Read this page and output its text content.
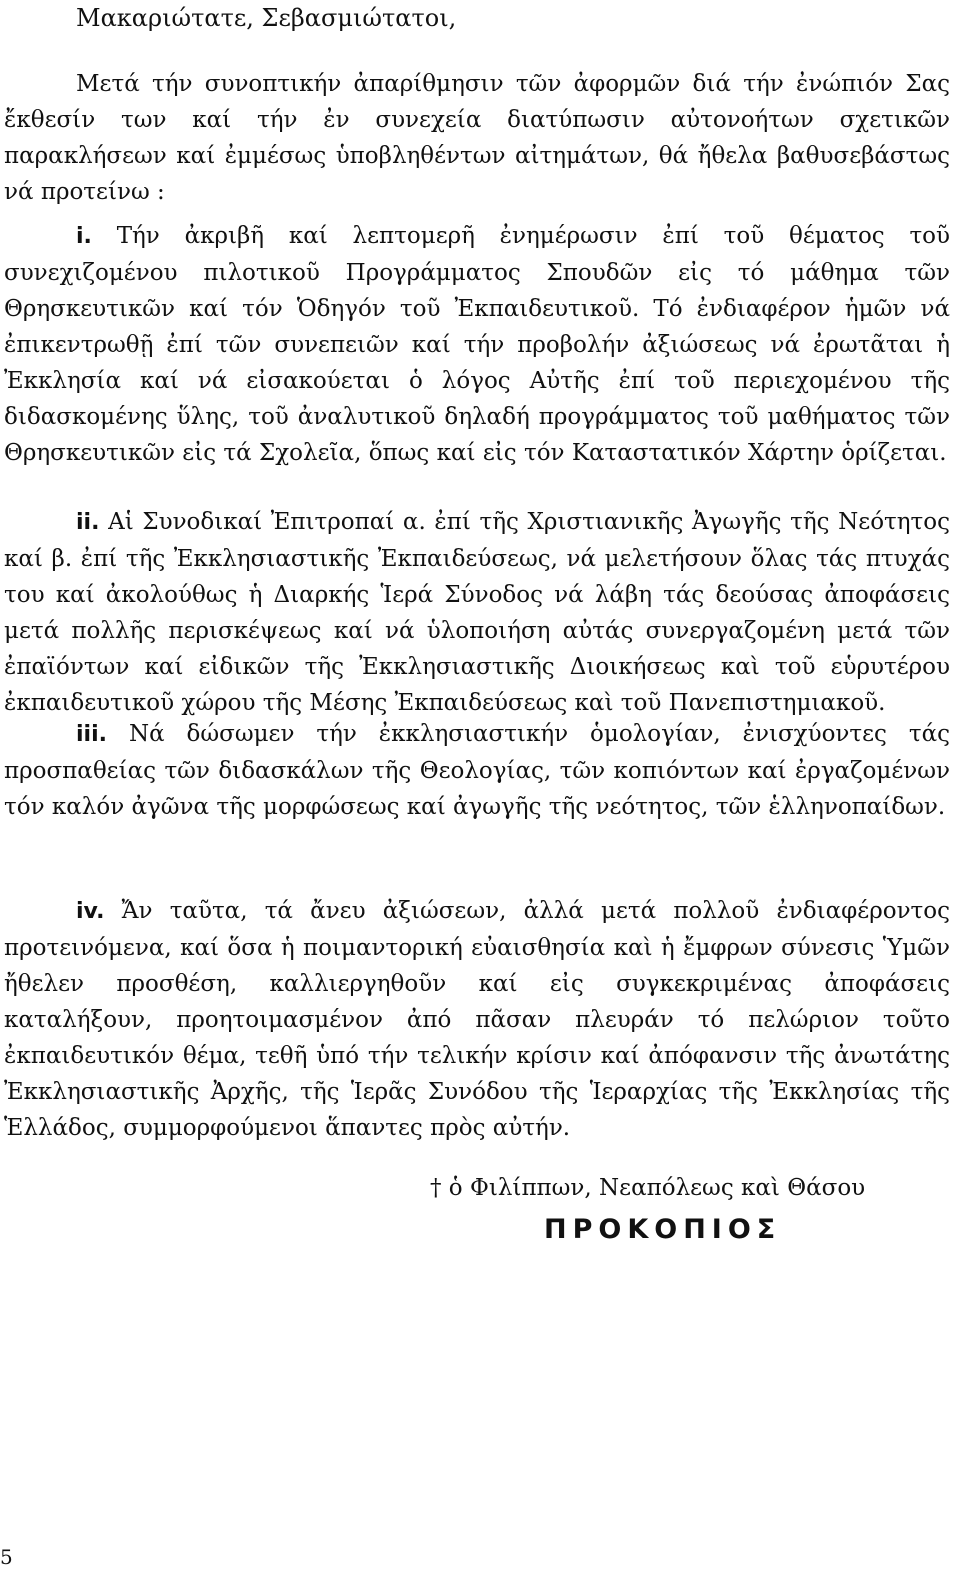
Μακαριώτατε, Σεβασμιώτατοι,

Μετά τήν συνοπτικήν ἀπαρίθμησιν τῶν ἀφορμῶν διά τήν ἐνώπιόν Σας ἔκθεσίν των καί τήν ἐν συνεχεία διατύπωσιν αὐτονοήτων σχετικῶν παρακλήσεων καί ἐμμέσως ὑποβληθέντων αἰτημάτων, θά ἤθελα βαθυσεβάστως νά προτείνω :

i. Τήν ἀκριβῆ καί λεπτομερῆ ἐνημέρωσιν ἐπί τοῦ θέματος τοῦ συνεχιζομένου πιλοτικοῦ Προγράμματος Σπουδῶν εἰς τό μάθημα τῶν Θρησκευτικῶν καί τόν Ὁδηγόν τοῦ Ἐκπαιδευτικοῦ. Τό ἐνδιαφέρον ἡμῶν νά ἐπικεντρωθῇ ἐπί τῶν συνεπειῶν καί τήν προβολήν ἀξιώσεως νά ἐρωτᾶται ἡ Ἐκκλησία καί νά εἰσακούεται ὁ λόγος Αὐτῆς ἐπί τοῦ περιεχομένου τῆς διδασκομένης ὕλης, τοῦ ἀναλυτικοῦ δηλαδή προγράμματος τοῦ μαθήματος τῶν Θρησκευτικῶν εἰς τά Σχολεῖα, ὅπως καί εἰς τόν Καταστατικόν Χάρτην ὁρίζεται.

ii. Αἱ Συνοδικαί Ἐπιτροπαί α. ἐπί τῆς Χριστιανικῆς Ἀγωγῆς τῆς Νεότητος καί β. ἐπί τῆς Ἐκκλησιαστικῆς Ἐκπαιδεύσεως, νά μελετήσουν ὅλας τάς πτυχάς του καί ἀκολούθως ἡ Διαρκής Ἱερά Σύνοδος νά λάβη τάς δεούσας ἀποφάσεις μετά πολλῆς περισκέψεως καί νά ὑλοποιήση αὐτάς συνεργαζομένη μετά τῶν ἐπαϊόντων καί εἰδικῶν τῆς Ἐκκλησιαστικῆς Διοικήσεως καὶ τοῦ εὑρυτέρου ἐκπαιδευτικοῦ χώρου τῆς Μέσης Ἐκπαιδεύσεως καὶ τοῦ Πανεπιστημιακοῦ.

iii. Νά δώσωμεν τήν ἐκκλησιαστικήν ὁμολογίαν, ἐνισχύοντες τάς προσπαθείας τῶν διδασκάλων τῆς Θεολογίας, τῶν κοπιόντων καί ἐργαζομένων τόν καλόν ἀγῶνα τῆς μορφώσεως καί ἀγωγῆς τῆς νεότητος, τῶν ἑλληνοπαίδων.

iv. Ἄν ταῦτα, τά ἄνευ ἀξιώσεων, ἀλλά μετά πολλοῦ ἐνδιαφέροντος προτεινόμενα, καί ὅσα ἡ ποιμαντορική εὐαισθησία καὶ ἡ ἔμφρων σύνεσις Ὑμῶν ἤθελεν προσθέση, καλλιεργηθοῦν καί εἰς συγκεκριμένας ἀποφάσεις καταλήξουν, προητοιμασμένον ἀπό πᾶσαν πλευράν τό πελώριον τοῦτο ἐκπαιδευτικόν θέμα, τεθῆ ὑπό τήν τελικήν κρίσιν καί ἀπόφανσιν τῆς ἀνωτάτης Ἐκκλησιαστικῆς Ἀρχῆς, τῆς Ἱερᾶς Συνόδου τῆς Ἱεραρχίας τῆς Ἐκκλησίας τῆς Ἑλλάδος, συμμορφούμενοι ἅπαντες πρὸς αὐτήν.

† ὁ Φιλίππων, Νεαπόλεως καὶ Θάσου

ΠΡΟΚΟΠΙΟΣ

5
